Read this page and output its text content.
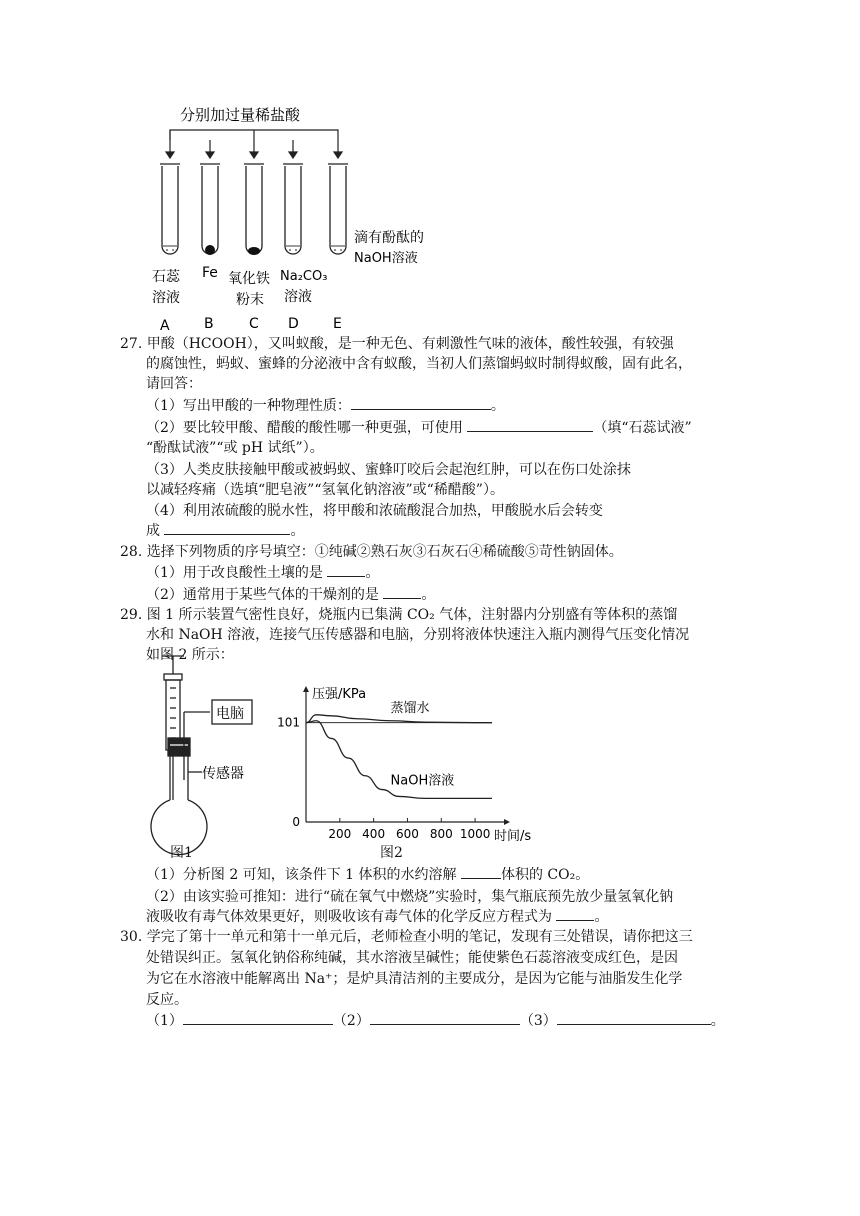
分别加过量稀盐酸
滴有酚酞的
NaOH溶液
石蕊
溶液
Fe 氧化铁
粉末
Na₂CO₃
溶液
A B	C D E
27. 甲酸（HCOOH），又叫蚁酸，是一种无色、有刺激性气味的液体，酸性较强，有较强
的腐蚀性，蚂蚁、蜜蜂的分泌液中含有蚁酸，当初人们蒸馏蚂蚁时制得蚁酸，固有此名，
请回答：
（1）写出甲酸的一种物理性质：	。
（2）要比较甲酸、醋酸的酸性哪一种更强，可使用	（填“石蕊试液”
“酚酞试液”“或 pH 试纸”）。
（3）人类皮肤接触甲酸或被蚂蚁、蜜蜂叮咬后会起泡红肿，可以在伤口处涂抹
以减轻疼痛（选填“肥皂液”“氢氧化钠溶液”或“稀醋酸”）。
（4）利用浓硫酸的脱水性，将甲酸和浓硫酸混合加热，甲酸脱水后会转变
成	。
28. 选择下列物质的序号填空：①纯碱②熟石灰③石灰石④稀硫酸⑤苛性钠固体。
（1）用于改良酸性土壤的是	。
（2）通常用于某些气体的干燥剂的是	。
29. 图 1 所示装置气密性良好，烧瓶内已集满 CO₂ 气体，注射器内分别盛有等体积的蒸馏
水和 NaOH 溶液，连接气压传感器和电脑，分别将液体快速注入瓶内测得气压变化情况
如图 2 所示：
电脑
传感器
200 400 600 800 1000
0
101
压强/KPa
时间/s
蒸馏水
NaOH溶液
图1	图2
（1）分析图 2 可知，该条件下 1 体积的水约溶解	体积的 CO₂。
（2）由该实验可推知：进行“硫在氧气中燃烧”实验时，集气瓶底预先放少量氢氧化钠
液吸收有毒气体效果更好，则吸收该有毒气体的化学反应方程式为	。
30. 学完了第十一单元和第十一单元后，老师检查小明的笔记，发现有三处错误，请你把这三
处错误纠正。氢氧化钠俗称纯碱，其水溶液呈碱性；能使紫色石蕊溶液变成红色，是因
为它在水溶液中能解离出 Na⁺；是炉具清洁剂的主要成分，是因为它能与油脂发生化学
反应。
（1）	（2）	（3）	。
